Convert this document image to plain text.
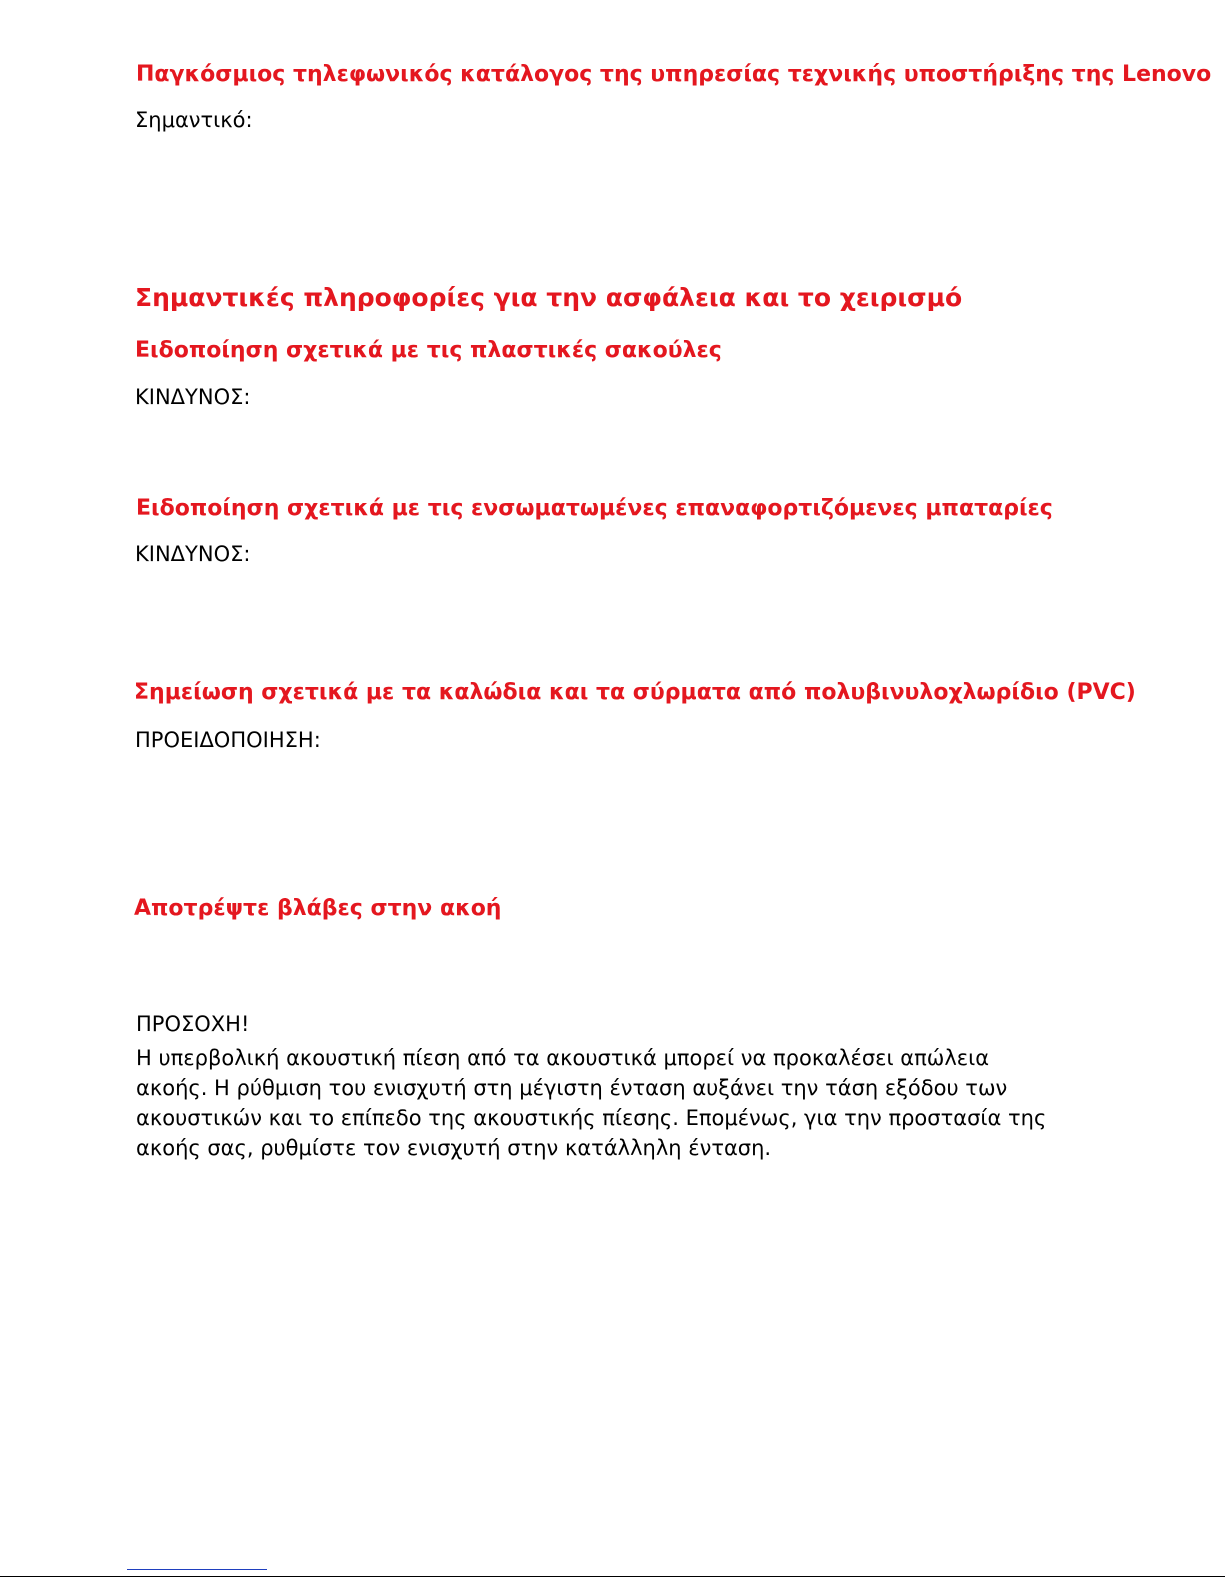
Παγκόσμιος τηλεφωνικός κατάλογος της υπηρεσίας τεχνικής υποστήριξης της Lenovo

Σημαντικό:

Σημαντικές πληροφορίες για την ασφάλεια και το χειρισμό
Ειδοποίηση σχετικά με τις πλαστικές σακούλες

ΚΙΝΔΥΝΟΣ:

Ειδοποίηση σχετικά με τις ενσωματωμένες επαναφορτιζόμενες μπαταρίες

ΚΙΝΔΥΝΟΣ:

Σημείωση σχετικά με τα καλώδια και τα σύρματα από πολυβινυλοχλωρίδιο (PVC)

ΠΡΟΕΙΔΟΠΟΙΗΣΗ:

Αποτρέψτε βλάβες στην ακοή

ΠΡΟΣΟΧΗ!

Η υπερβολική ακουστική πίεση από τα ακουστικά μπορεί να προκαλέσει απώλεια
ακοής. Η ρύθμιση του ενισχυτή στη μέγιστη ένταση αυξάνει την τάση εξόδου των
ακουστικών και το επίπεδο της ακουστικής πίεσης. Επομένως, για την προστασία της
ακοής σας, ρυθμίστε τον ενισχυτή στην κατάλληλη ένταση.
